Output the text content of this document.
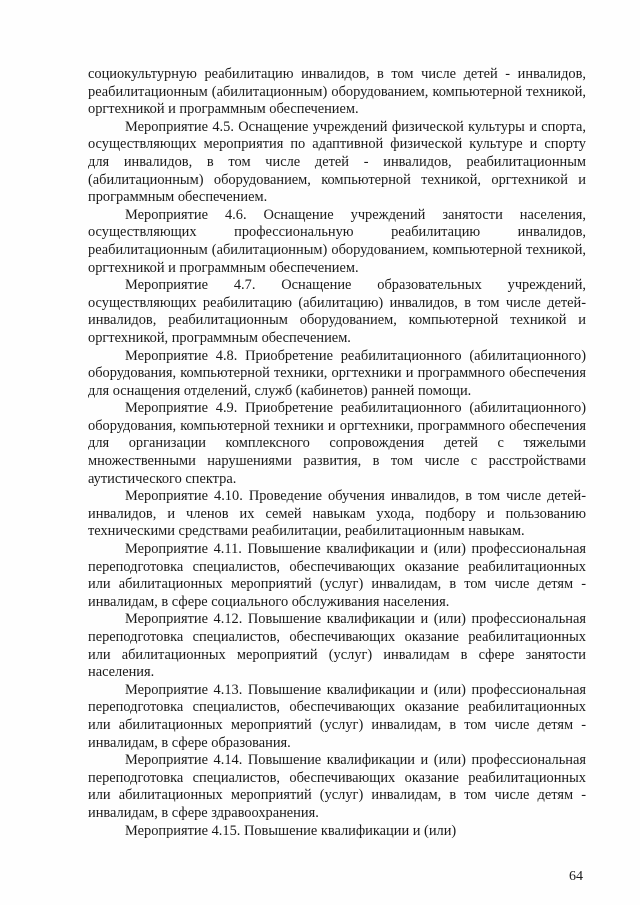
социокультурную реабилитацию инвалидов, в том числе детей - инвалидов, реабилитационным (абилитационным) оборудованием, компьютерной техникой, оргтехникой и программным обеспечением.

Мероприятие 4.5. Оснащение учреждений физической культуры и спорта, осуществляющих мероприятия по адаптивной физической культуре и спорту для инвалидов, в том числе детей - инвалидов, реабилитационным (абилитационным) оборудованием, компьютерной техникой, оргтехникой и программным обеспечением.

Мероприятие 4.6. Оснащение учреждений занятости населения, осуществляющих профессиональную реабилитацию инвалидов, реабилитационным (абилитационным) оборудованием, компьютерной техникой, оргтехникой и программным обеспечением.

Мероприятие 4.7. Оснащение образовательных учреждений, осуществляющих реабилитацию (абилитацию) инвалидов, в том числе детей-инвалидов, реабилитационным оборудованием, компьютерной техникой и оргтехникой, программным обеспечением.

Мероприятие 4.8. Приобретение реабилитационного (абилитационного) оборудования, компьютерной техники, оргтехники и программного обеспечения для оснащения отделений, служб (кабинетов) ранней помощи.

Мероприятие 4.9. Приобретение реабилитационного (абилитационного) оборудования, компьютерной техники и оргтехники, программного обеспечения для организации комплексного сопровождения детей с тяжелыми множественными нарушениями развития, в том числе с расстройствами аутистического спектра.

Мероприятие 4.10. Проведение обучения инвалидов, в том числе детей-инвалидов, и членов их семей навыкам ухода, подбору и пользованию техническими средствами реабилитации, реабилитационным навыкам.

Мероприятие 4.11. Повышение квалификации и (или) профессиональная переподготовка специалистов, обеспечивающих оказание реабилитационных или абилитационных мероприятий (услуг) инвалидам, в том числе детям - инвалидам, в сфере социального обслуживания населения.

Мероприятие 4.12. Повышение квалификации и (или) профессиональная переподготовка специалистов, обеспечивающих оказание реабилитационных или абилитационных мероприятий (услуг) инвалидам в сфере занятости населения.

Мероприятие 4.13. Повышение квалификации и (или) профессиональная переподготовка специалистов, обеспечивающих оказание реабилитационных или абилитационных мероприятий (услуг) инвалидам, в том числе детям - инвалидам, в сфере образования.

Мероприятие 4.14. Повышение квалификации и (или) профессиональная переподготовка специалистов, обеспечивающих оказание реабилитационных или абилитационных мероприятий (услуг) инвалидам, в том числе детям - инвалидам, в сфере здравоохранения.

Мероприятие 4.15. Повышение квалификации и (или)

64
